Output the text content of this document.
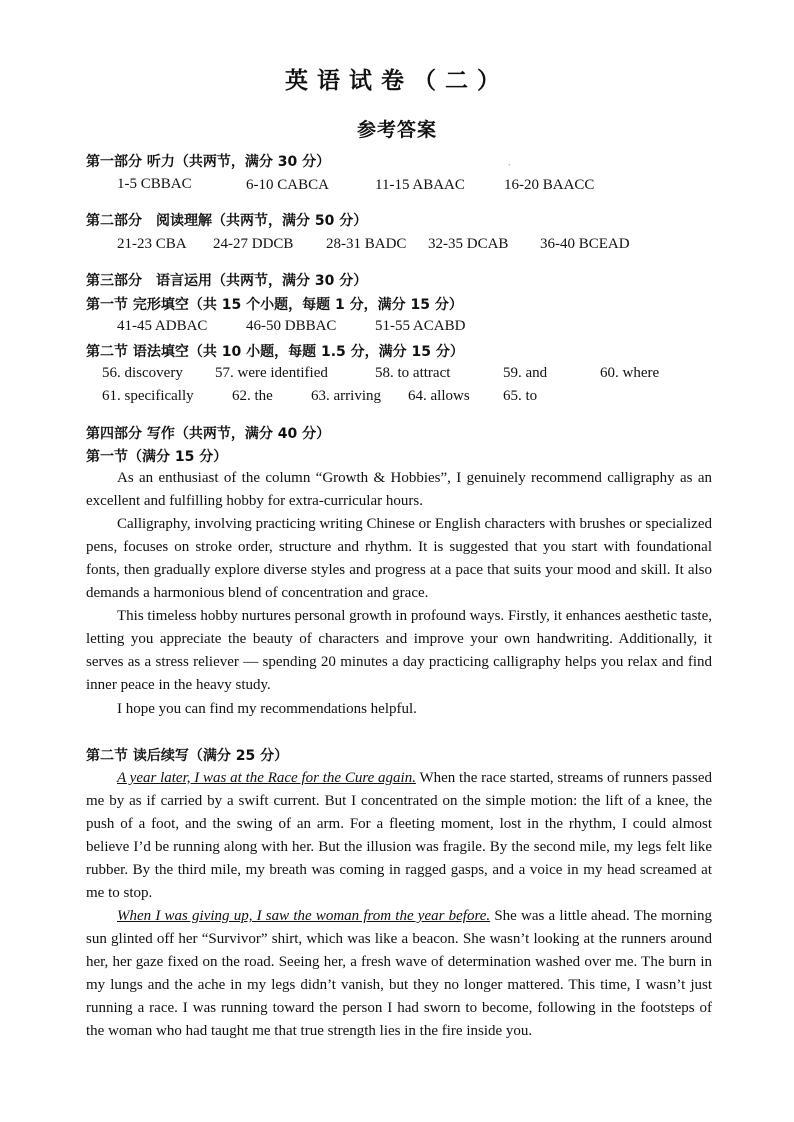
英语试卷（二）
参考答案
`
第一部分 听力（共两节，满分 30 分）
1-5 CBBAC	6-10 CABCA	11-15 ABAAC	16-20 BAACC
第二部分　阅读理解（共两节，满分 50 分）
21-23 CBA 24-27 DDCB 28-31 BADC 32-35 DCAB 36-40 BCEAD
第三部分　语言运用（共两节，满分 30 分）
第一节 完形填空（共 15 个小题，每题 1 分，满分 15 分）
41-45 ADBAC	46-50 DBBAC	51-55 ACABD
第二节 语法填空（共 10 小题，每题 1.5 分，满分 15 分）
56. discovery 57. were identified	58. to attract	59. and	60. where
61. specifically	62. the	63. arriving 64. allows 65. to
第四部分 写作（共两节，满分 40 分）
第一节（满分 15 分）
As an enthusiast of the column “Growth & Hobbies”, I genuinely recommend calligraphy as an excellent and fulfilling hobby for extra-curricular hours.
Calligraphy, involving practicing writing Chinese or English characters with brushes or specialized pens, focuses on stroke order, structure and rhythm. It is suggested that you start with foundational fonts, then gradually explore diverse styles and progress at a pace that suits your mood and skill. It also demands a harmonious blend of concentration and grace.
This timeless hobby nurtures personal growth in profound ways. Firstly, it enhances aesthetic taste, letting you appreciate the beauty of characters and improve your own handwriting. Additionally, it serves as a stress reliever — spending 20 minutes a day practicing calligraphy helps you relax and find inner peace in the heavy study.
I hope you can find my recommendations helpful.
第二节 读后续写（满分 25 分）
A year later, I was at the Race for the Cure again. When the race started, streams of runners passed me by as if carried by a swift current. But I concentrated on the simple motion: the lift of a knee, the push of a foot, and the swing of an arm. For a fleeting moment, lost in the rhythm, I could almost believe I’d be running along with her. But the illusion was fragile. By the second mile, my legs felt like rubber. By the third mile, my breath was coming in ragged gasps, and a voice in my head screamed at me to stop.
When I was giving up, I saw the woman from the year before. She was a little ahead. The morning sun glinted off her “Survivor” shirt, which was like a beacon. She wasn’t looking at the runners around her, her gaze fixed on the road. Seeing her, a fresh wave of determination washed over me. The burn in my lungs and the ache in my legs didn’t vanish, but they no longer mattered. This time, I wasn’t just running a race. I was running toward the person I had sworn to become, following in the footsteps of the woman who had taught me that true strength lies in the fire inside you.
